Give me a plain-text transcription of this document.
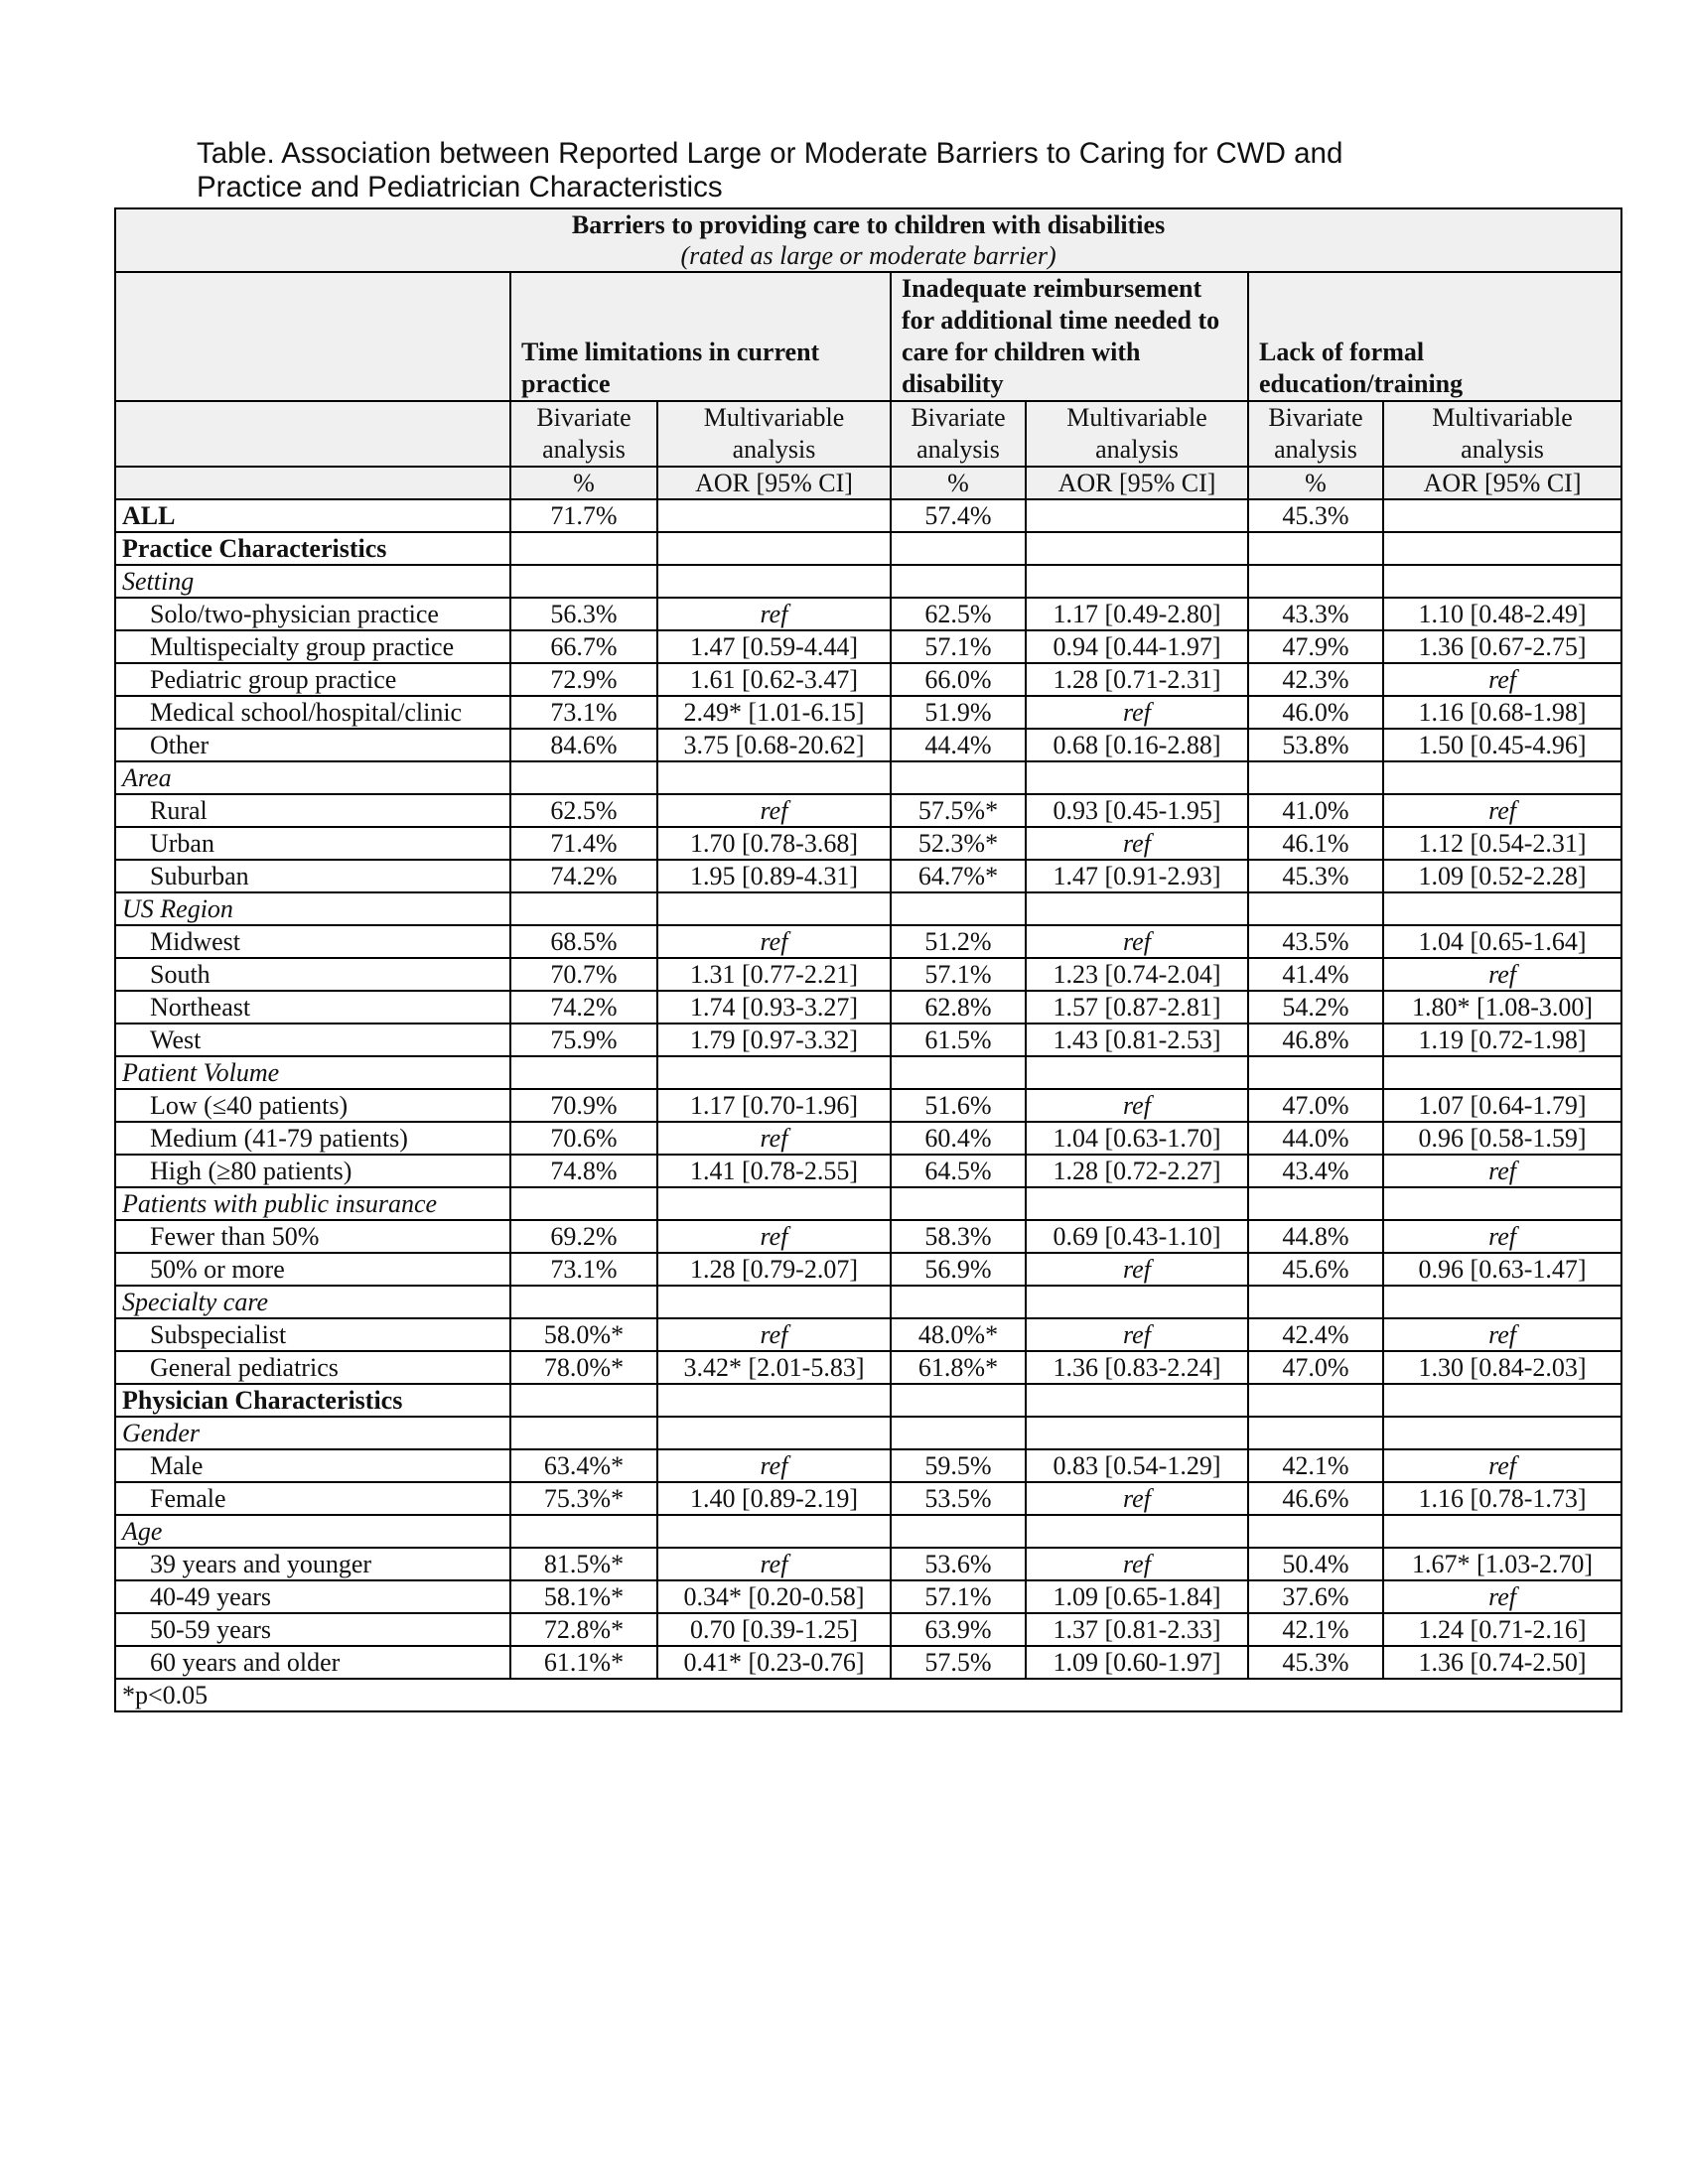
Table. Association between Reported Large or Moderate Barriers to Caring for CWD and
Practice and Pediatrician Characteristics
Barriers to providing care to children with disabilities
(rated as large or moderate barrier)						

	Time limitations in current practice		Inadequate reimbursement for additional time needed to care for children with disability		Lack of formal education/training	
	Bivariate analysis	Multivariable analysis	Bivariate analysis	Multivariable analysis	Bivariate analysis	Multivariable analysis
	%	AOR [95% CI]	%	AOR [95% CI]	%	AOR [95% CI]
ALL	71.7%		57.4%		45.3%	
Practice Characteristics						
Setting						
Solo/two-physician practice	56.3%	ref	62.5%	1.17 [0.49-2.80]	43.3%	1.10 [0.48-2.49]
Multispecialty group practice	66.7%	1.47 [0.59-4.44]	57.1%	0.94 [0.44-1.97]	47.9%	1.36 [0.67-2.75]
Pediatric group practice	72.9%	1.61 [0.62-3.47]	66.0%	1.28 [0.71-2.31]	42.3%	ref
Medical school/hospital/clinic	73.1%	2.49* [1.01-6.15]	51.9%	ref	46.0%	1.16 [0.68-1.98]
Other	84.6%	3.75 [0.68-20.62]	44.4%	0.68 [0.16-2.88]	53.8%	1.50 [0.45-4.96]
Area						
Rural	62.5%	ref	57.5%*	0.93 [0.45-1.95]	41.0%	ref
Urban	71.4%	1.70 [0.78-3.68]	52.3%*	ref	46.1%	1.12 [0.54-2.31]
Suburban	74.2%	1.95 [0.89-4.31]	64.7%*	1.47 [0.91-2.93]	45.3%	1.09 [0.52-2.28]
US Region						
Midwest	68.5%	ref	51.2%	ref	43.5%	1.04 [0.65-1.64]
South	70.7%	1.31 [0.77-2.21]	57.1%	1.23 [0.74-2.04]	41.4%	ref
Northeast	74.2%	1.74 [0.93-3.27]	62.8%	1.57 [0.87-2.81]	54.2%	1.80* [1.08-3.00]
West	75.9%	1.79 [0.97-3.32]	61.5%	1.43 [0.81-2.53]	46.8%	1.19 [0.72-1.98]
Patient Volume						
Low (≤40 patients)	70.9%	1.17 [0.70-1.96]	51.6%	ref	47.0%	1.07 [0.64-1.79]
Medium (41-79 patients)	70.6%	ref	60.4%	1.04 [0.63-1.70]	44.0%	0.96 [0.58-1.59]
High (≥80 patients)	74.8%	1.41 [0.78-2.55]	64.5%	1.28 [0.72-2.27]	43.4%	ref
Patients with public insurance						
Fewer than 50%	69.2%	ref	58.3%	0.69 [0.43-1.10]	44.8%	ref
50% or more	73.1%	1.28 [0.79-2.07]	56.9%	ref	45.6%	0.96 [0.63-1.47]
Specialty care						
Subspecialist	58.0%*	ref	48.0%*	ref	42.4%	ref
General pediatrics	78.0%*	3.42* [2.01-5.83]	61.8%*	1.36 [0.83-2.24]	47.0%	1.30 [0.84-2.03]
Physician Characteristics						
Gender						
Male	63.4%*	ref	59.5%	0.83 [0.54-1.29]	42.1%	ref
Female	75.3%*	1.40 [0.89-2.19]	53.5%	ref	46.6%	1.16 [0.78-1.73]
Age						
39 years and younger	81.5%*	ref	53.6%	ref	50.4%	1.67* [1.03-2.70]
40-49 years	58.1%*	0.34* [0.20-0.58]	57.1%	1.09 [0.65-1.84]	37.6%	ref
50-59 years	72.8%*	0.70 [0.39-1.25]	63.9%	1.37 [0.81-2.33]	42.1%	1.24 [0.71-2.16]
60 years and older	61.1%*	0.41* [0.23-0.76]	57.5%	1.09 [0.60-1.97]	45.3%	1.36 [0.74-2.50]
*p<0.05						
